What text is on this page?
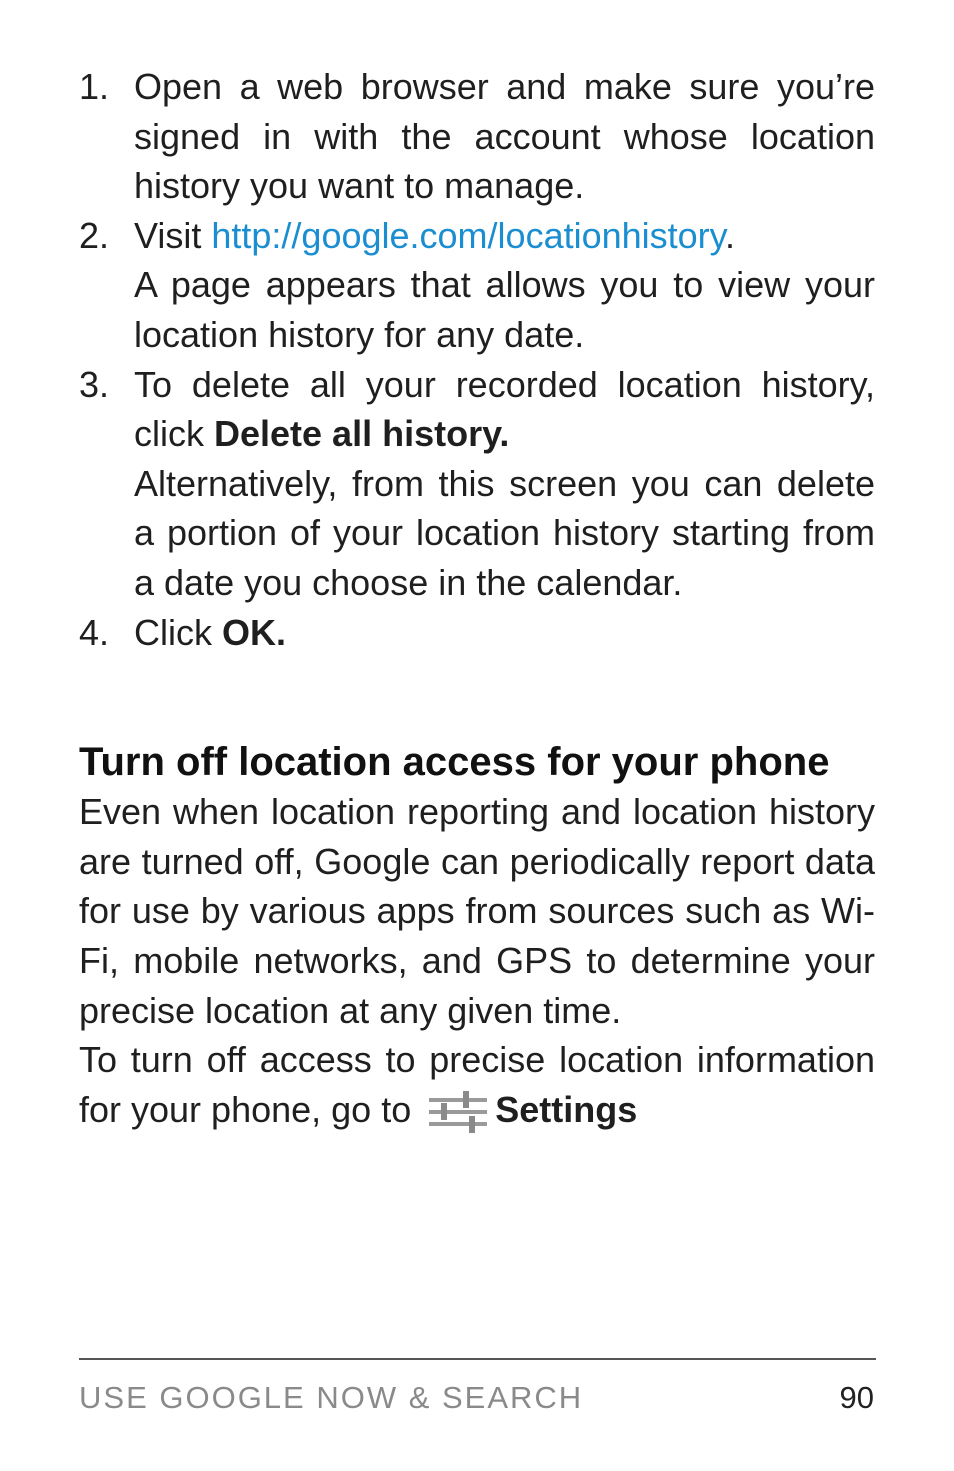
1. Open a web browser and make sure you’re signed in with the account whose location history you want to manage.
2. Visit http://google.com/locationhistory.
A page appears that allows you to view your location history for any date.
3. To delete all your recorded location history, click Delete all history.
Alternatively, from this screen you can delete a portion of your location history starting from a date you choose in the calendar.
4. Click OK.
Turn off location access for your phone

Even when location reporting and location history are turned off, Google can periodically report data for use by various apps from sources such as Wi-Fi, mobile networks, and GPS to determine your precise location at any given time.

To turn off access to precise location information for your phone, go to Settings

USE GOOGLE NOW & SEARCH	90
